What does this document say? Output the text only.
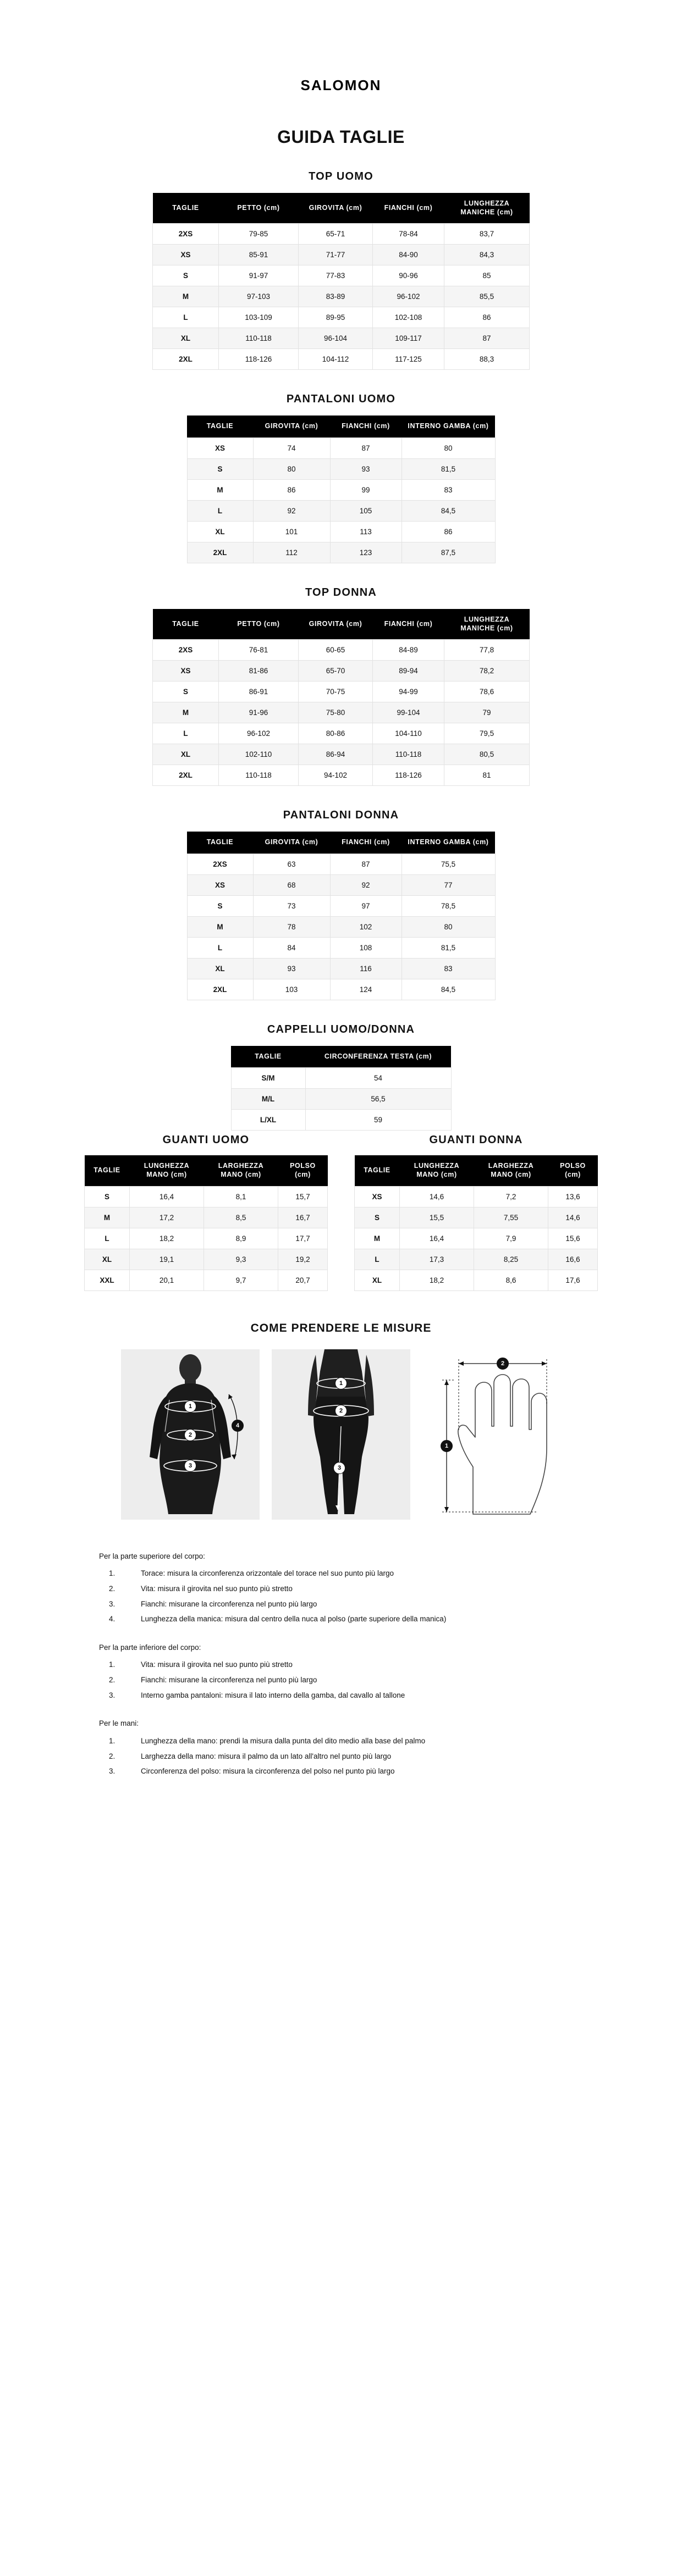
SALOMON
GUIDA TAGLIE
TOP UOMO
TAGLIE	PETTO (cm)	GIROVITA (cm)	FIANCHI (cm)	LUNGHEZZA MANICHE (cm)
2XS	79-85	65-71	78-84	83,7
XS	85-91	71-77	84-90	84,3
S	91-97	77-83	90-96	85
M	97-103	83-89	96-102	85,5
L	103-109	89-95	102-108	86
XL	110-118	96-104	109-117	87
2XL	118-126	104-112	117-125	88,3
PANTALONI UOMO
TAGLIE	GIROVITA (cm)	FIANCHI (cm)	INTERNO GAMBA (cm)
XS	74	87	80
S	80	93	81,5
M	86	99	83
L	92	105	84,5
XL	101	113	86
2XL	112	123	87,5
TOP DONNA
TAGLIE	PETTO (cm)	GIROVITA (cm)	FIANCHI (cm)	LUNGHEZZA MANICHE (cm)
2XS	76-81	60-65	84-89	77,8
XS	81-86	65-70	89-94	78,2
S	86-91	70-75	94-99	78,6
M	91-96	75-80	99-104	79
L	96-102	80-86	104-110	79,5
XL	102-110	86-94	110-118	80,5
2XL	110-118	94-102	118-126	81
PANTALONI DONNA
TAGLIE	GIROVITA (cm)	FIANCHI (cm)	INTERNO GAMBA (cm)
2XS	63	87	75,5
XS	68	92	77
S	73	97	78,5
M	78	102	80
L	84	108	81,5
XL	93	116	83
2XL	103	124	84,5
CAPPELLI UOMO/DONNA
TAGLIE	CIRCONFERENZA TESTA (cm)
S/M	54
M/L	56,5
L/XL	59
GUANTI UOMO
TAGLIE	LUNGHEZZA MANO (cm)	LARGHEZZA MANO (cm)	POLSO (cm)
S	16,4	8,1	15,7
M	17,2	8,5	16,7
L	18,2	8,9	17,7
XL	19,1	9,3	19,2
XXL	20,1	9,7	20,7
GUANTI DONNA
TAGLIE	LUNGHEZZA MANO (cm)	LARGHEZZA MANO (cm)	POLSO (cm)
XS	14,6	7,2	13,6
S	15,5	7,55	14,6
M	16,4	7,9	15,6
L	17,3	8,25	16,6
XL	18,2	8,6	17,6
COME PRENDERE LE MISURE
1
2
3
4
1
2
3
2
1
Per la parte superiore del corpo:
Torace: misura la circonferenza orizzontale del torace nel suo punto più largo
Vita: misura il girovita nel suo punto più stretto
Fianchi: misurane la circonferenza nel punto più largo
Lunghezza della manica: misura dal centro della nuca al polso (parte superiore della manica)
Per la parte inferiore del corpo:
Vita: misura il girovita nel suo punto più stretto
Fianchi: misurane la circonferenza nel punto più largo
Interno gamba pantaloni: misura il lato interno della gamba, dal cavallo al tallone
Per le mani:
Lunghezza della mano: prendi la misura dalla punta del dito medio alla base del palmo
Larghezza della mano: misura il palmo da un lato all'altro nel punto più largo
Circonferenza del polso: misura la circonferenza del polso nel punto più largo
